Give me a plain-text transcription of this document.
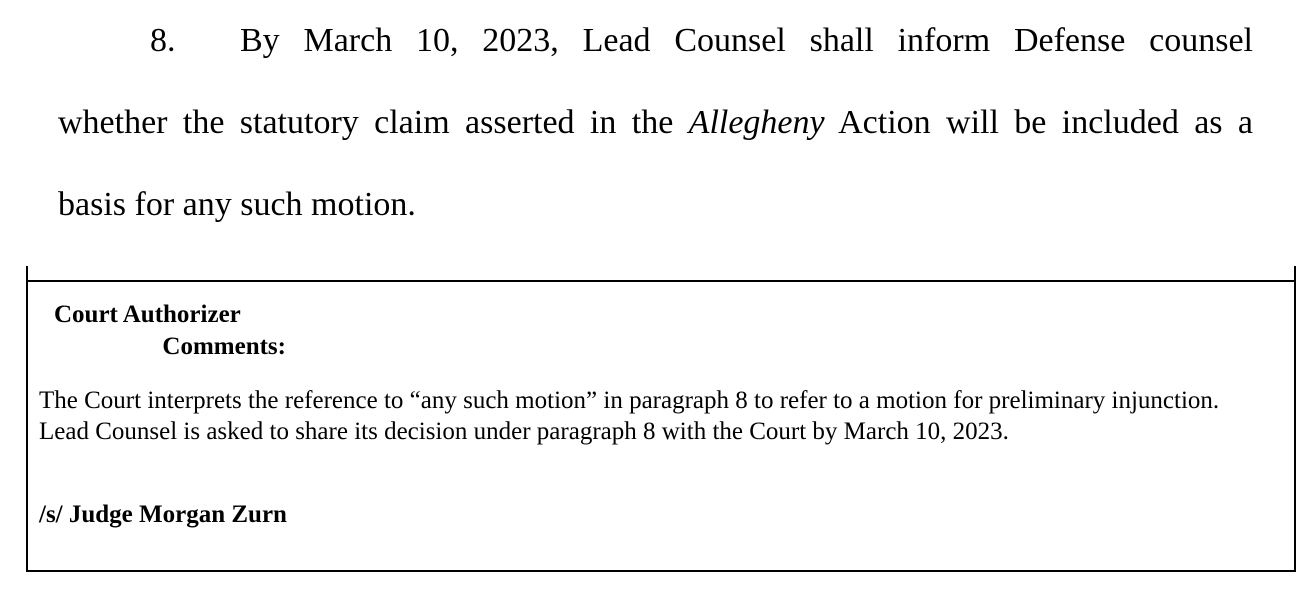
8.	By March 10, 2023, Lead Counsel shall inform Defense counsel
whether the statutory claim asserted in the Allegheny Action will be included as a
basis for any such motion.
Court Authorizer
Comments:
The Court interprets the reference to “any such motion” in paragraph 8 to refer to a motion for preliminary injunction. Lead Counsel is asked to share its decision under paragraph 8 with the Court by March 10, 2023.
/s/ Judge Morgan Zurn
